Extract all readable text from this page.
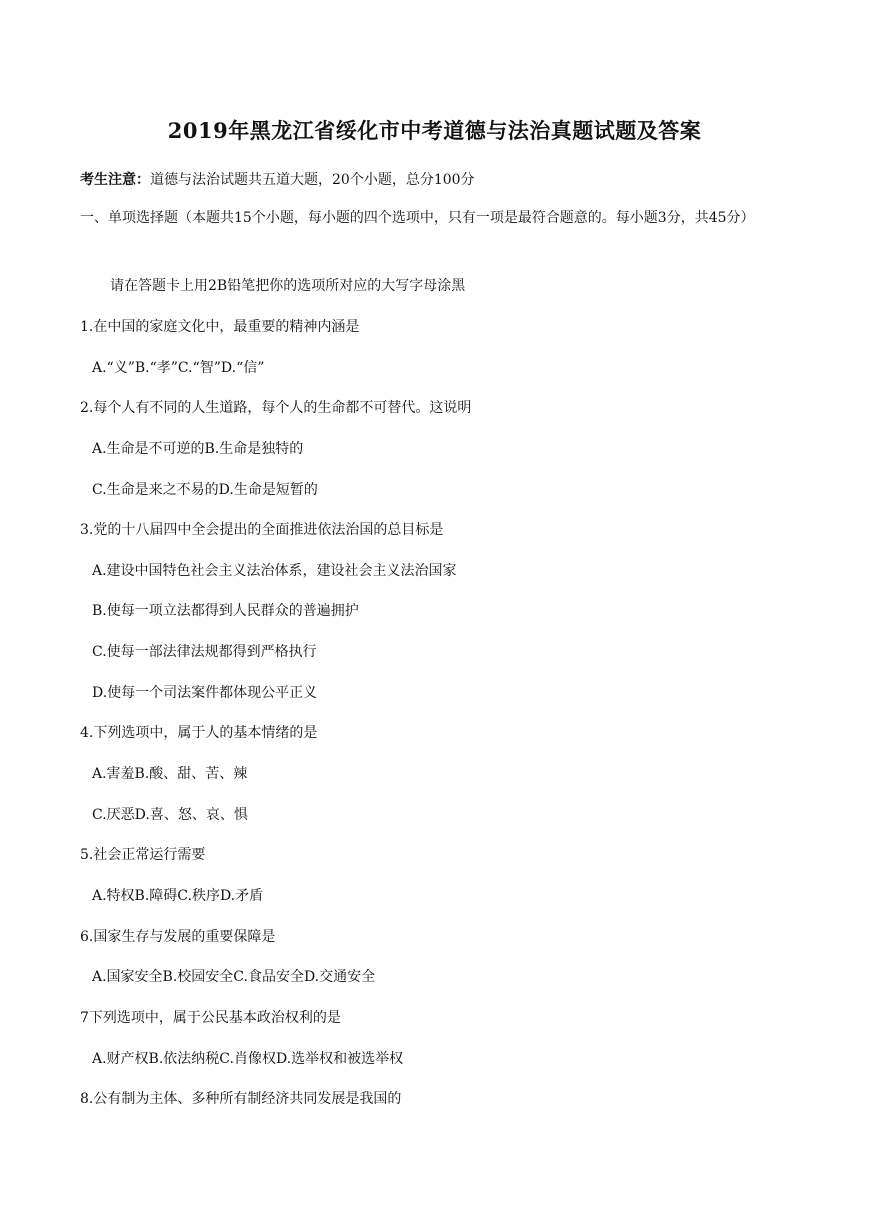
2019年黑龙江省绥化市中考道德与法治真题试题及答案
考生注意：道德与法治试题共五道大题，20个小题，总分100分
一、单项选择题（本题共15个小题，每小题的四个选项中，只有一项是最符合题意的。每小题3分，共45分）
请在答题卡上用2B铅笔把你的选项所对应的大写字母涂黑
1.在中国的家庭文化中，最重要的精神内涵是
A.“义”B.“孝”C.“智”D.“信”
2.每个人有不同的人生道路，每个人的生命都不可替代。这说明
A.生命是不可逆的B.生命是独特的
C.生命是来之不易的D.生命是短暂的
3.党的十八届四中全会提出的全面推进依法治国的总目标是
A.建设中国特色社会主义法治体系，建设社会主义法治国家
B.使每一项立法都得到人民群众的普遍拥护
C.使每一部法律法规都得到严格执行
D.使每一个司法案件都体现公平正义
4.下列选项中，属于人的基本情绪的是
A.害羞B.酸、甜、苦、辣
C.厌恶D.喜、怒、哀、惧
5.社会正常运行需要
A.特权B.障碍C.秩序D.矛盾
6.国家生存与发展的重要保障是
A.国家安全B.校园安全C.食品安全D.交通安全
7下列选项中，属于公民基本政治权利的是
A.财产权B.依法纳税C.肖像权D.选举权和被选举权
8.公有制为主体、多种所有制经济共同发展是我国的
